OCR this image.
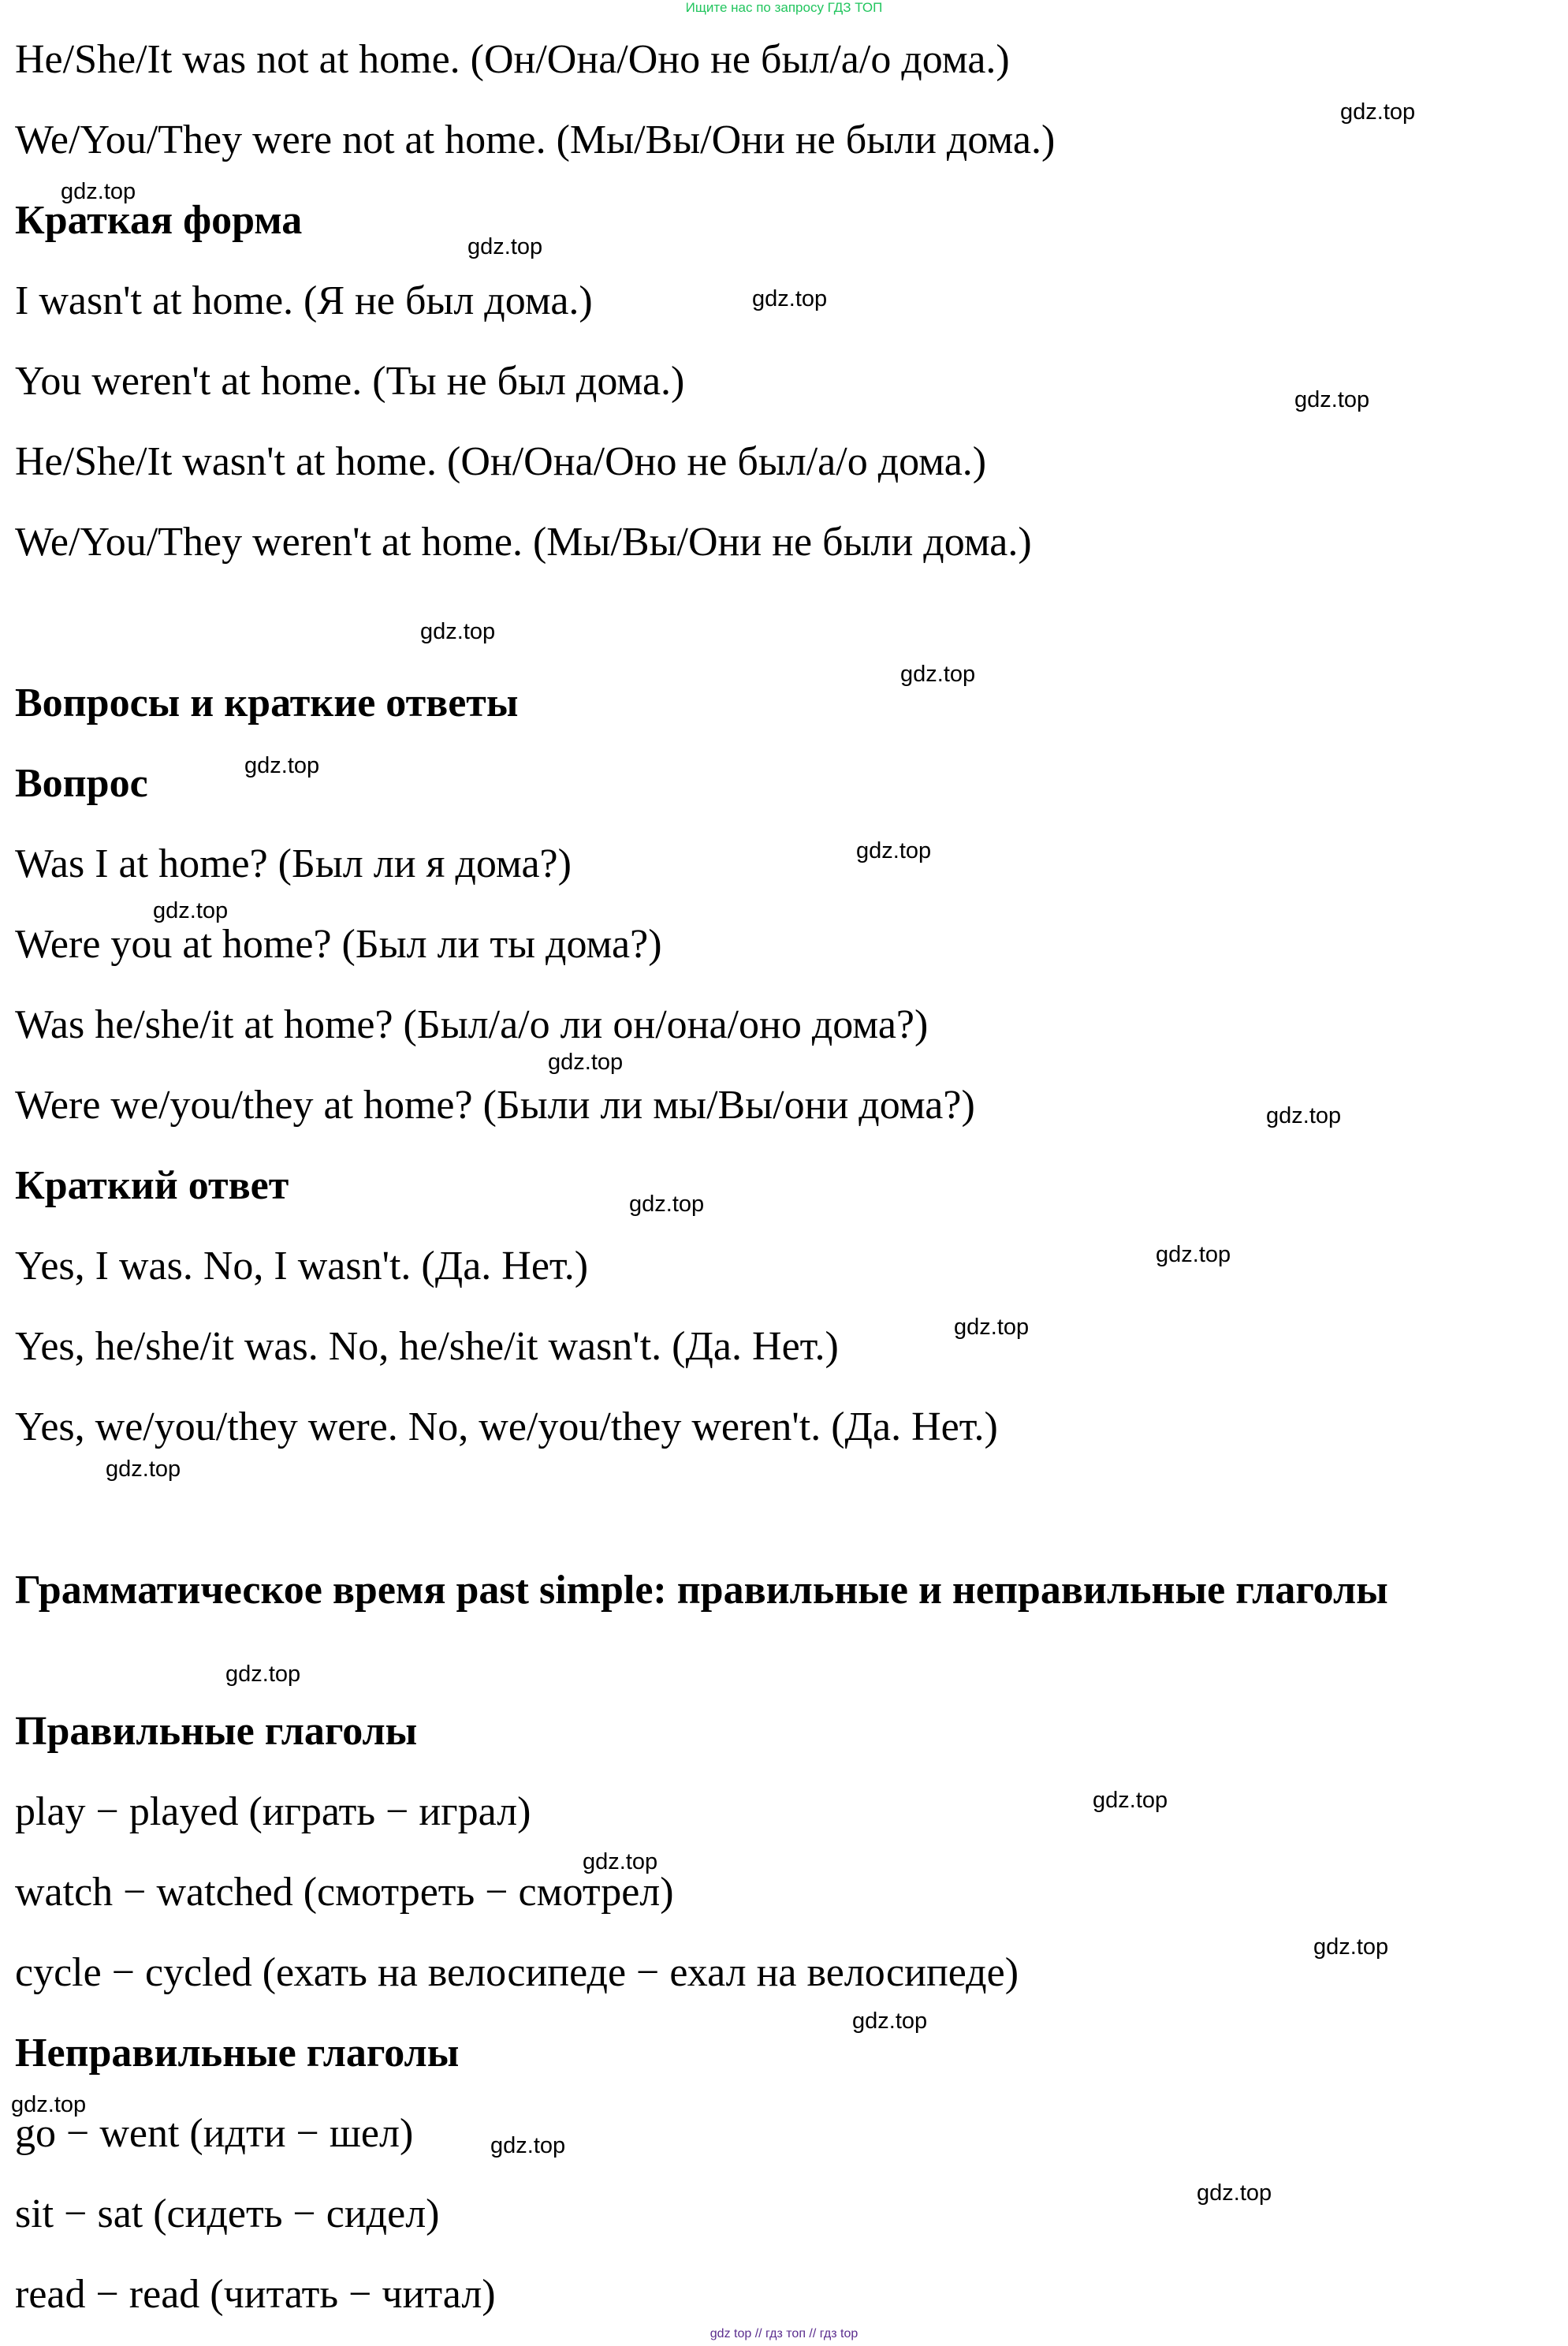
Ищите нас по запросу ГДЗ ТОП
He/She/It was not at home. (Он/Она/Оно не был/а/о дома.)
We/You/They were not at home. (Мы/Вы/Они не были дома.)
Краткая форма
I wasn't at home. (Я не был дома.)
You weren't at home. (Ты не был дома.)
He/She/It wasn't at home. (Он/Она/Оно не был/а/о дома.)
We/You/They weren't at home. (Мы/Вы/Они не были дома.)
Вопросы и краткие ответы
Вопрос
Was I at home? (Был ли я дома?)
Were you at home? (Был ли ты дома?)
Was he/she/it at home? (Был/а/о ли он/она/оно дома?)
Were we/you/they at home? (Были ли мы/Вы/они дома?)
Краткий ответ
Yes, I was. No, I wasn't. (Да. Нет.)
Yes, he/she/it was. No, he/she/it wasn't. (Да. Нет.)
Yes, we/you/they were. No, we/you/they weren't. (Да. Нет.)
Грамматическое время past simple: правильные и неправильные глаголы
Правильные глаголы
play − played (играть − играл)
watch − watched (смотреть − смотрел)
cycle − cycled (ехать на велосипеде − ехал на велосипеде)
Неправильные глаголы
go − went (идти − шел)
sit − sat (сидеть − сидел)
read − read (читать − читал)
gdz.top
gdz.top
gdz.top
gdz.top
gdz.top
gdz.top
gdz.top
gdz.top
gdz.top
gdz.top
gdz.top
gdz.top
gdz.top
gdz.top
gdz.top
gdz.top
gdz.top
gdz.top
gdz.top
gdz.top
gdz.top
gdz.top
gdz.top
gdz.top
gdz top // гдз топ // гдз top
